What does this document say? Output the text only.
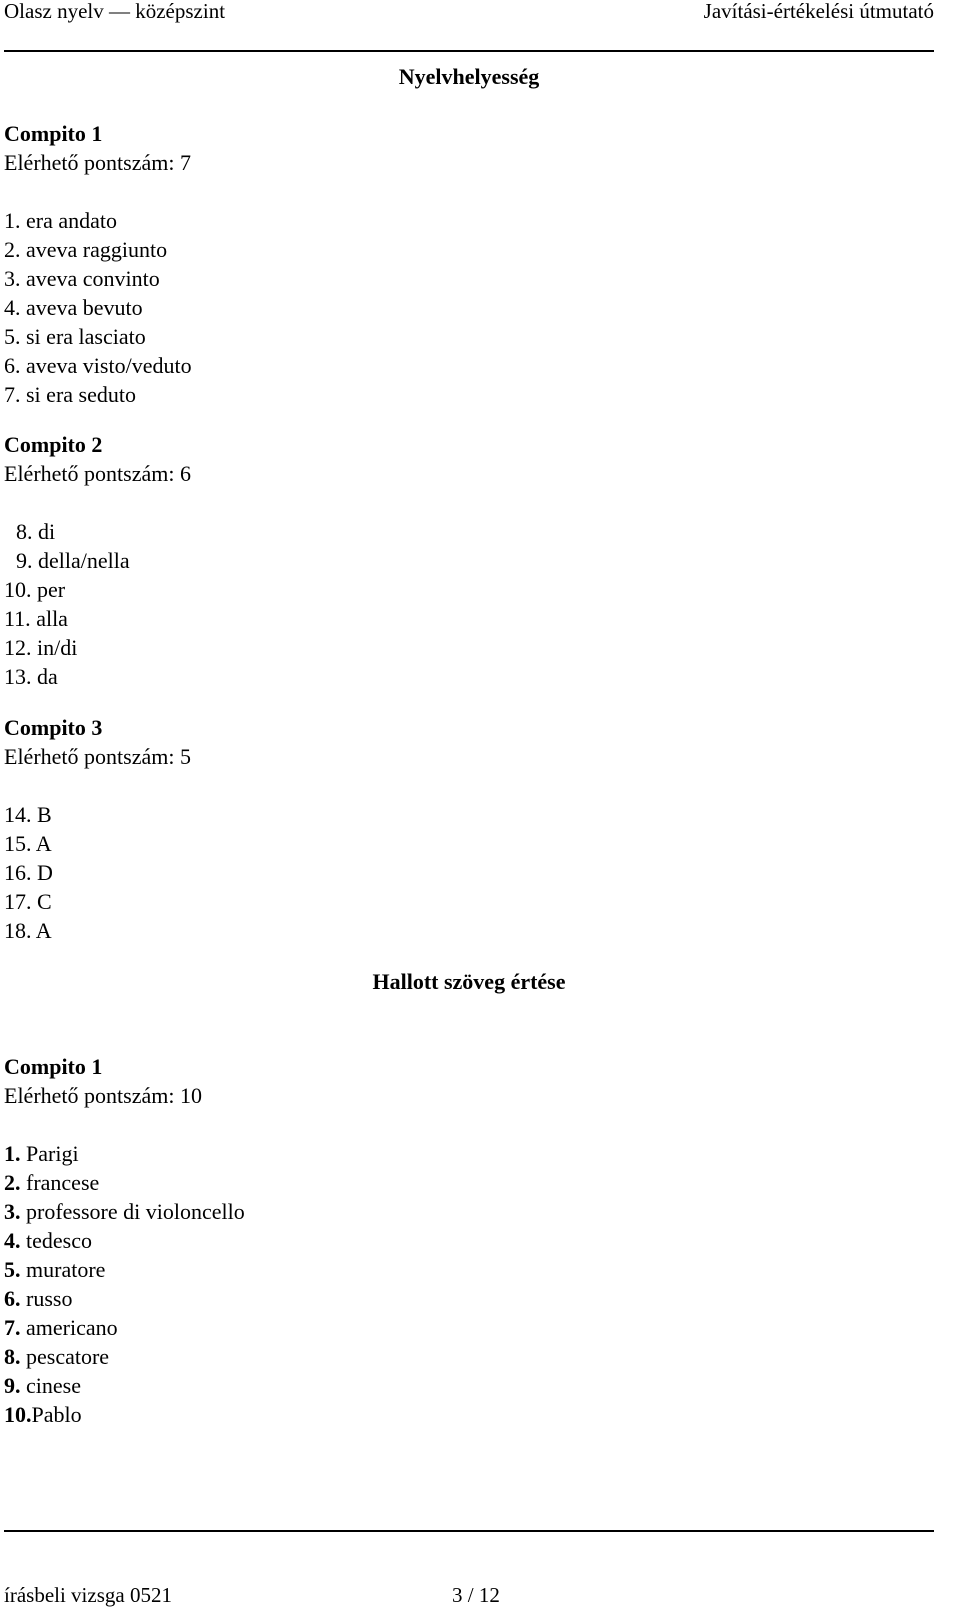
Olasz nyelv — középszint	Javítási-értékelési útmutató
Nyelvhelyesség
Compito 1
Elérhető pontszám: 7

1. era andato
2. aveva raggiunto
3. aveva convinto
4. aveva bevuto
5. si era lasciato
6. aveva visto/veduto
7. si era seduto
Compito 2
Elérhető pontszám: 6

8. di
9. della/nella
10. per
11. alla
12. in/di
13. da
Compito 3
Elérhető pontszám: 5

14. B
15. A
16. D
17. C
18. A
Hallott szöveg értése
Compito 1
Elérhető pontszám: 10

1. Parigi
2. francese
3. professore di violoncello
4. tedesco
5. muratore
6. russo
7. americano
8. pescatore
9. cinese
10.Pablo
írásbeli vizsga 0521	3 / 12
